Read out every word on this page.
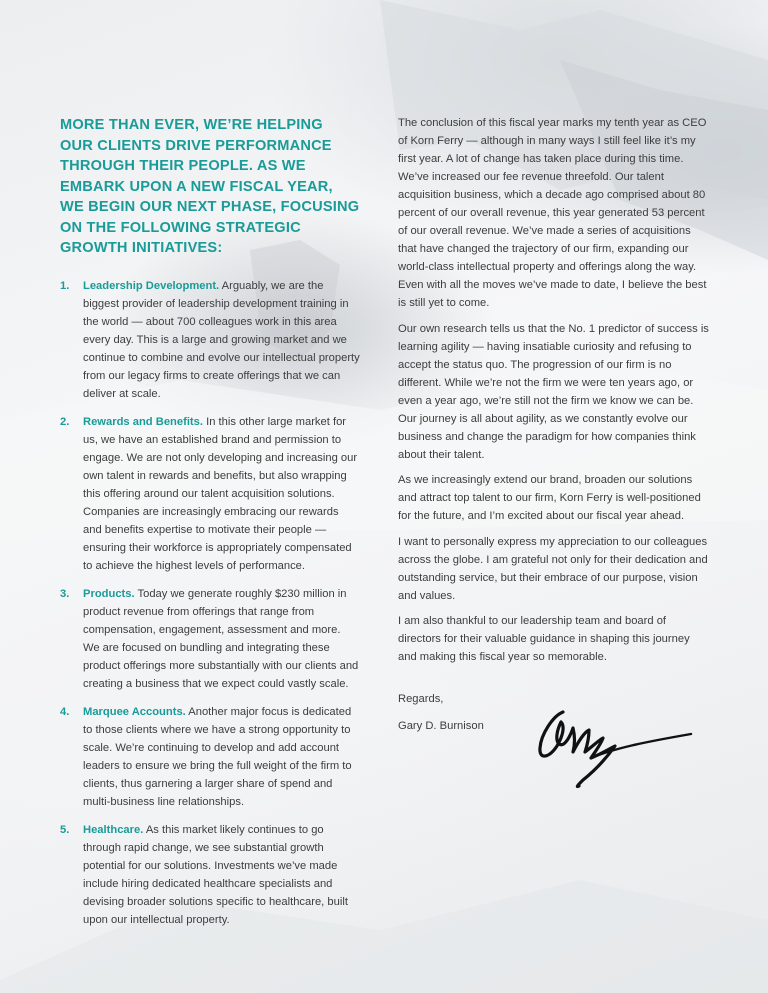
MORE THAN EVER, WE’RE HELPING OUR CLIENTS DRIVE PERFORMANCE THROUGH THEIR PEOPLE. AS WE EMBARK UPON A NEW FISCAL YEAR, WE BEGIN OUR NEXT PHASE, FOCUSING ON THE FOLLOWING STRATEGIC GROWTH INITIATIVES:
1. Leadership Development. Arguably, we are the biggest provider of leadership development training in the world — about 700 colleagues work in this area every day. This is a large and growing market and we continue to combine and evolve our intellectual property from our legacy firms to create offerings that we can deliver at scale.
2. Rewards and Benefits. In this other large market for us, we have an established brand and permission to engage. We are not only developing and increasing our own talent in rewards and benefits, but also wrapping this offering around our talent acquisition solutions. Companies are increasingly embracing our rewards and benefits expertise to motivate their people — ensuring their workforce is appropriately compensated to achieve the highest levels of performance.
3. Products. Today we generate roughly $230 million in product revenue from offerings that range from compensation, engagement, assessment and more. We are focused on bundling and integrating these product offerings more substantially with our clients and creating a business that we expect could vastly scale.
4. Marquee Accounts. Another major focus is dedicated to those clients where we have a strong opportunity to scale. We’re continuing to develop and add account leaders to ensure we bring the full weight of the firm to clients, thus garnering a larger share of spend and multi-business line relationships.
5. Healthcare. As this market likely continues to go through rapid change, we see substantial growth potential for our solutions. Investments we’ve made include hiring dedicated healthcare specialists and devising broader solutions specific to healthcare, built upon our intellectual property.

The conclusion of this fiscal year marks my tenth year as CEO of Korn Ferry — although in many ways I still feel like it’s my first year. A lot of change has taken place during this time. We’ve increased our fee revenue threefold. Our talent acquisition business, which a decade ago comprised about 80 percent of our overall revenue, this year generated 53 percent of our overall revenue. We’ve made a series of acquisitions that have changed the trajectory of our firm, expanding our world-class intellectual property and offerings along the way. Even with all the moves we’ve made to date, I believe the best is still yet to come.

Our own research tells us that the No. 1 predictor of success is learning agility — having insatiable curiosity and refusing to accept the status quo. The progression of our firm is no different. While we’re not the firm we were ten years ago, or even a year ago, we’re still not the firm we know we can be. Our journey is all about agility, as we constantly evolve our business and change the paradigm for how companies think about their talent.

As we increasingly extend our brand, broaden our solutions and attract top talent to our firm, Korn Ferry is well-positioned for the future, and I’m excited about our fiscal year ahead.

I want to personally express my appreciation to our colleagues across the globe. I am grateful not only for their dedication and outstanding service, but their embrace of our purpose, vision and values.

I am also thankful to our leadership team and board of directors for their valuable guidance in shaping this journey and making this fiscal year so memorable.

Regards,
Gary D. Burnison
